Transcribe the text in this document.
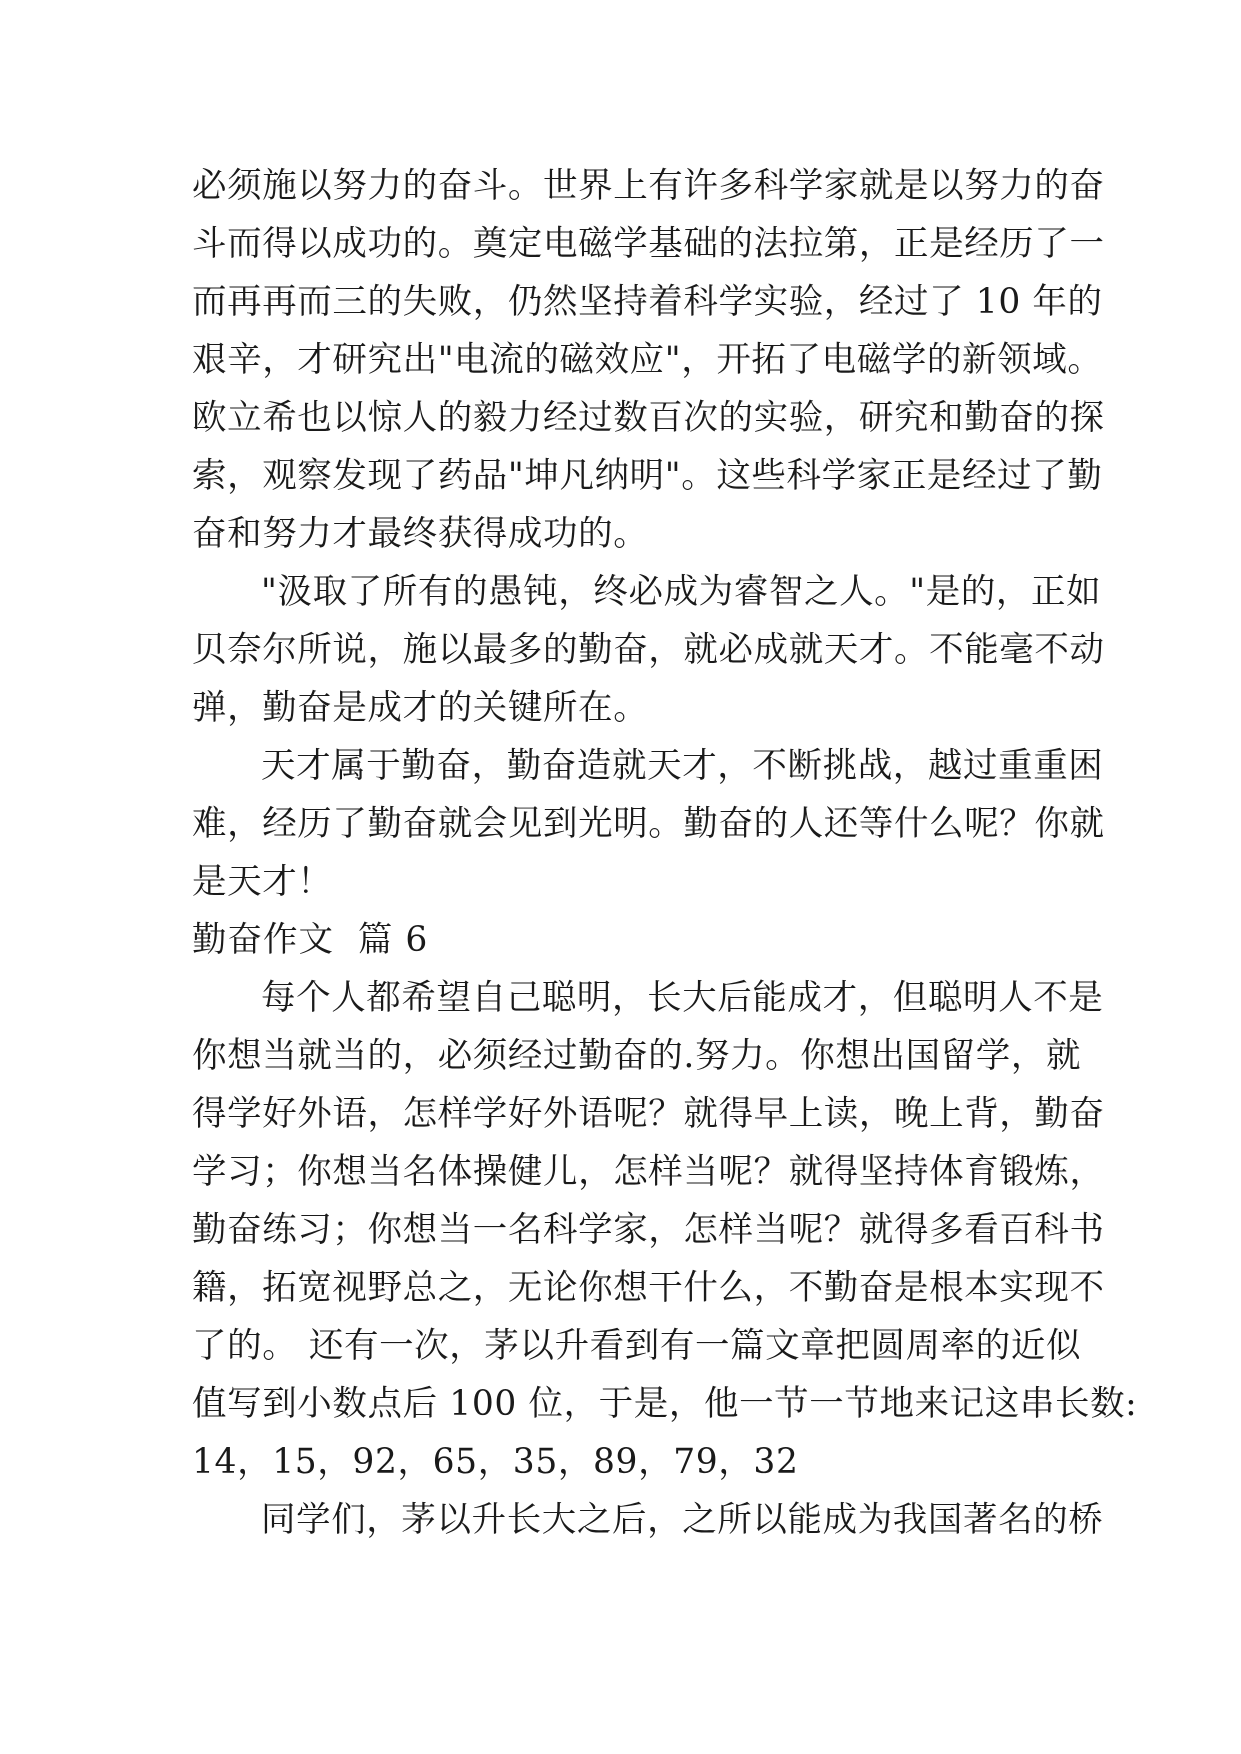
必须施以努力的奋斗。世界上有许多科学家就是以努力的奋
斗而得以成功的。奠定电磁学基础的法拉第，正是经历了一
而再再而三的失败，仍然坚持着科学实验，经过了 10 年的
艰辛，才研究出"电流的磁效应"，开拓了电磁学的新领域。
欧立希也以惊人的毅力经过数百次的实验，研究和勤奋的探
索，观察发现了药品"坤凡纳明"。这些科学家正是经过了勤
奋和努力才最终获得成功的。
"汲取了所有的愚钝，终必成为睿智之人。"是的，正如
贝奈尔所说，施以最多的勤奋，就必成就天才。不能毫不动
弹，勤奋是成才的关键所在。
天才属于勤奋，勤奋造就天才，不断挑战，越过重重困
难，经历了勤奋就会见到光明。勤奋的人还等什么呢？你就
是天才！
勤奋作文  篇 6
每个人都希望自己聪明，长大后能成才，但聪明人不是
你想当就当的，必须经过勤奋的.努力。你想出国留学，就
得学好外语，怎样学好外语呢？就得早上读，晚上背，勤奋
学习；你想当名体操健儿，怎样当呢？就得坚持体育锻炼，
勤奋练习；你想当一名科学家，怎样当呢？就得多看百科书
籍，拓宽视野总之，无论你想干什么，不勤奋是根本实现不
了的。 还有一次，茅以升看到有一篇文章把圆周率的近似
值写到小数点后 100 位，于是，他一节一节地来记这串长数:
14，15，92，65，35，89，79，32
同学们，茅以升长大之后，之所以能成为我国著名的桥
